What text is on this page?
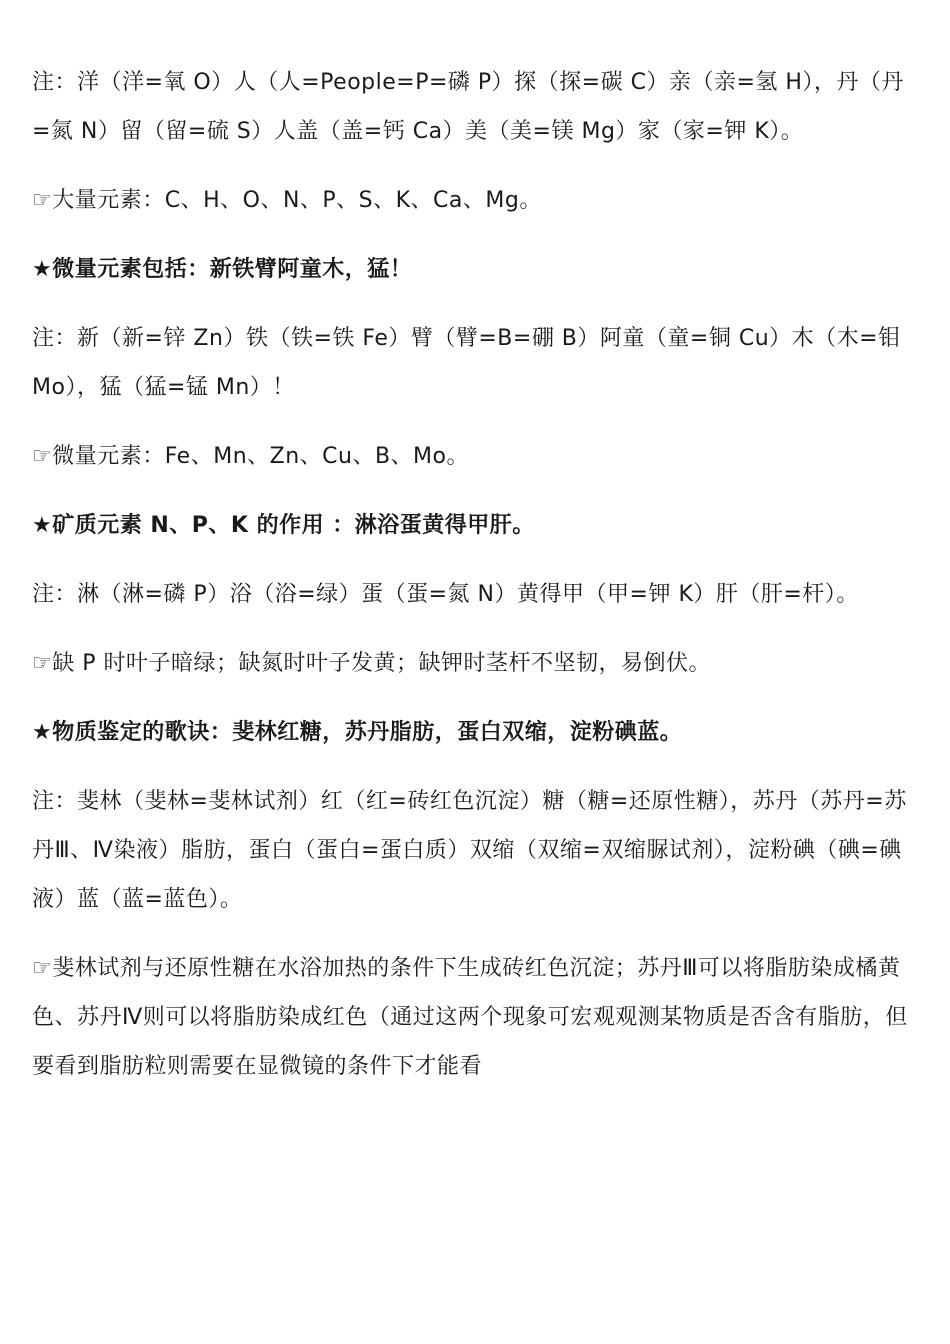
注：洋（洋=氧 O）人（人=People=P=磷 P）探（探=碳 C）亲（亲=氢 H），丹（丹=氮 N）留（留=硫 S）人盖（盖=钙 Ca）美（美=镁 Mg）家（家=钾 K）。

☞大量元素：C、H、O、N、P、S、K、Ca、Mg。

★微量元素包括：新铁臂阿童木，猛！

注：新（新=锌 Zn）铁（铁=铁 Fe）臂（臂=B=硼 B）阿童（童=铜 Cu）木（木=钼 Mo），猛（猛=锰 Mn）！

☞微量元素：Fe、Mn、Zn、Cu、B、Mo。

★矿质元素 N、P、K 的作用 ：淋浴蛋黄得甲肝。

注：淋（淋=磷 P）浴（浴=绿）蛋（蛋=氮 N）黄得甲（甲=钾 K）肝（肝=杆）。

☞缺 P 时叶子暗绿；缺氮时叶子发黄；缺钾时茎杆不坚韧，易倒伏。

★物质鉴定的歌诀：斐林红糖，苏丹脂肪，蛋白双缩，淀粉碘蓝。

注：斐林（斐林=斐林试剂）红（红=砖红色沉淀）糖（糖=还原性糖），苏丹（苏丹=苏丹Ⅲ、Ⅳ染液）脂肪，蛋白（蛋白=蛋白质）双缩（双缩=双缩脲试剂），淀粉碘（碘=碘液）蓝（蓝=蓝色）。

☞斐林试剂与还原性糖在水浴加热的条件下生成砖红色沉淀；苏丹Ⅲ可以将脂肪染成橘黄色、苏丹Ⅳ则可以将脂肪染成红色（通过这两个现象可宏观观测某物质是否含有脂肪，但要看到脂肪粒则需要在显微镜的条件下才能看
